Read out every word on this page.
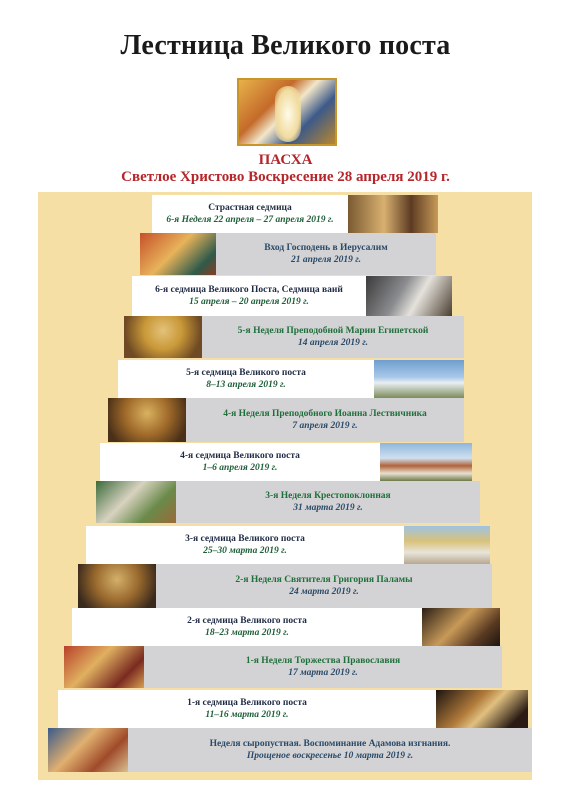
Лестница Великого поста
ПАСХА
Светлое Христово Воскресение 28 апреля 2019 г.
Страстная седмица
6-я Неделя 22 апреля – 27 апреля 2019 г.
Вход Господень в Иерусалим
21 апреля 2019 г.
6-я седмица Великого Поста, Седмица ваий
15 апреля – 20 апреля 2019 г.
5-я Неделя Преподобной Марии Египетской
14 апреля 2019 г.
5-я седмица Великого поста
8–13 апреля 2019 г.
4-я Неделя Преподобного Иоанна Лествичника
7 апреля 2019 г.
4-я седмица Великого поста
1–6 апреля 2019 г.
3-я Неделя Крестопоклонная
31 марта 2019 г.
3-я седмица Великого поста
25–30 марта 2019 г.
2-я Неделя Святителя Григория Паламы
24 марта 2019 г.
2-я седмица Великого поста
18–23 марта 2019 г.
1-я Неделя Торжества Православия
17 марта 2019 г.
1-я седмица Великого поста
11–16 марта 2019 г.
Неделя сыропустная. Воспоминание Адамова изгнания.
Прощеное воскресенье 10 марта 2019 г.
